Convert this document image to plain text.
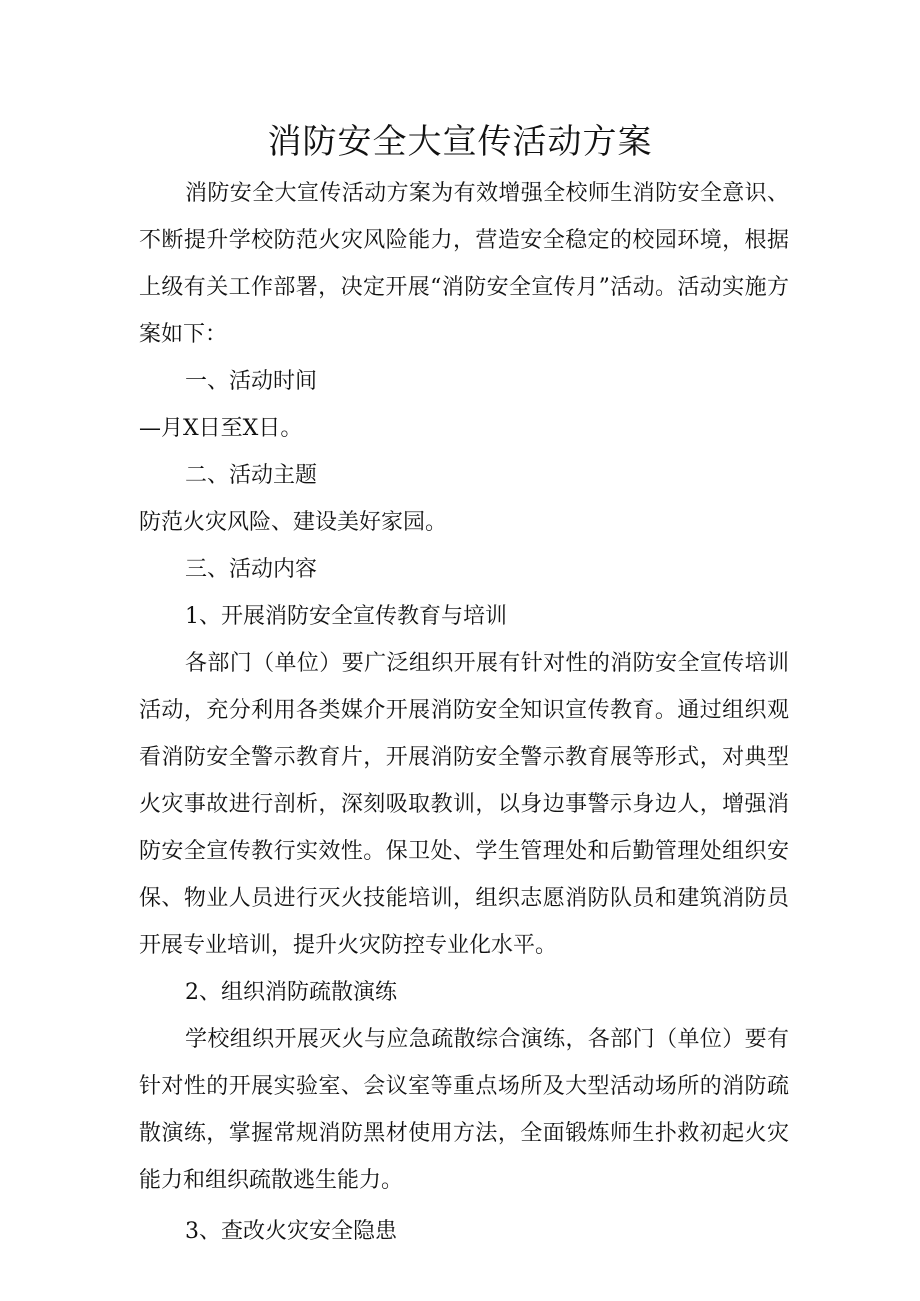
消防安全大宣传活动方案

消防安全大宣传活动方案为有效增强全校师生消防安全意识、不断提升学校防范火灾风险能力，营造安全稳定的校园环境，根据上级有关工作部署，决定开展“消防安全宣传月”活动。活动实施方案如下：

一、活动时间

—月X日至X日。

二、活动主题

防范火灾风险、建设美好家园。

三、活动内容

1、开展消防安全宣传教育与培训

各部门（单位）要广泛组织开展有针对性的消防安全宣传培训活动，充分利用各类媒介开展消防安全知识宣传教育。通过组织观看消防安全警示教育片，开展消防安全警示教育展等形式，对典型火灾事故进行剖析，深刻吸取教训，以身边事警示身边人，增强消防安全宣传教行实效性。保卫处、学生管理处和后勤管理处组织安保、物业人员进行灭火技能培训，组织志愿消防队员和建筑消防员开展专业培训，提升火灾防控专业化水平。

2、组织消防疏散演练

学校组织开展灭火与应急疏散综合演练，各部门（单位）要有针对性的开展实验室、会议室等重点场所及大型活动场所的消防疏散演练，掌握常规消防黑材使用方法，全面锻炼师生扑救初起火灾能力和组织疏散逃生能力。

3、查改火灾安全隐患
